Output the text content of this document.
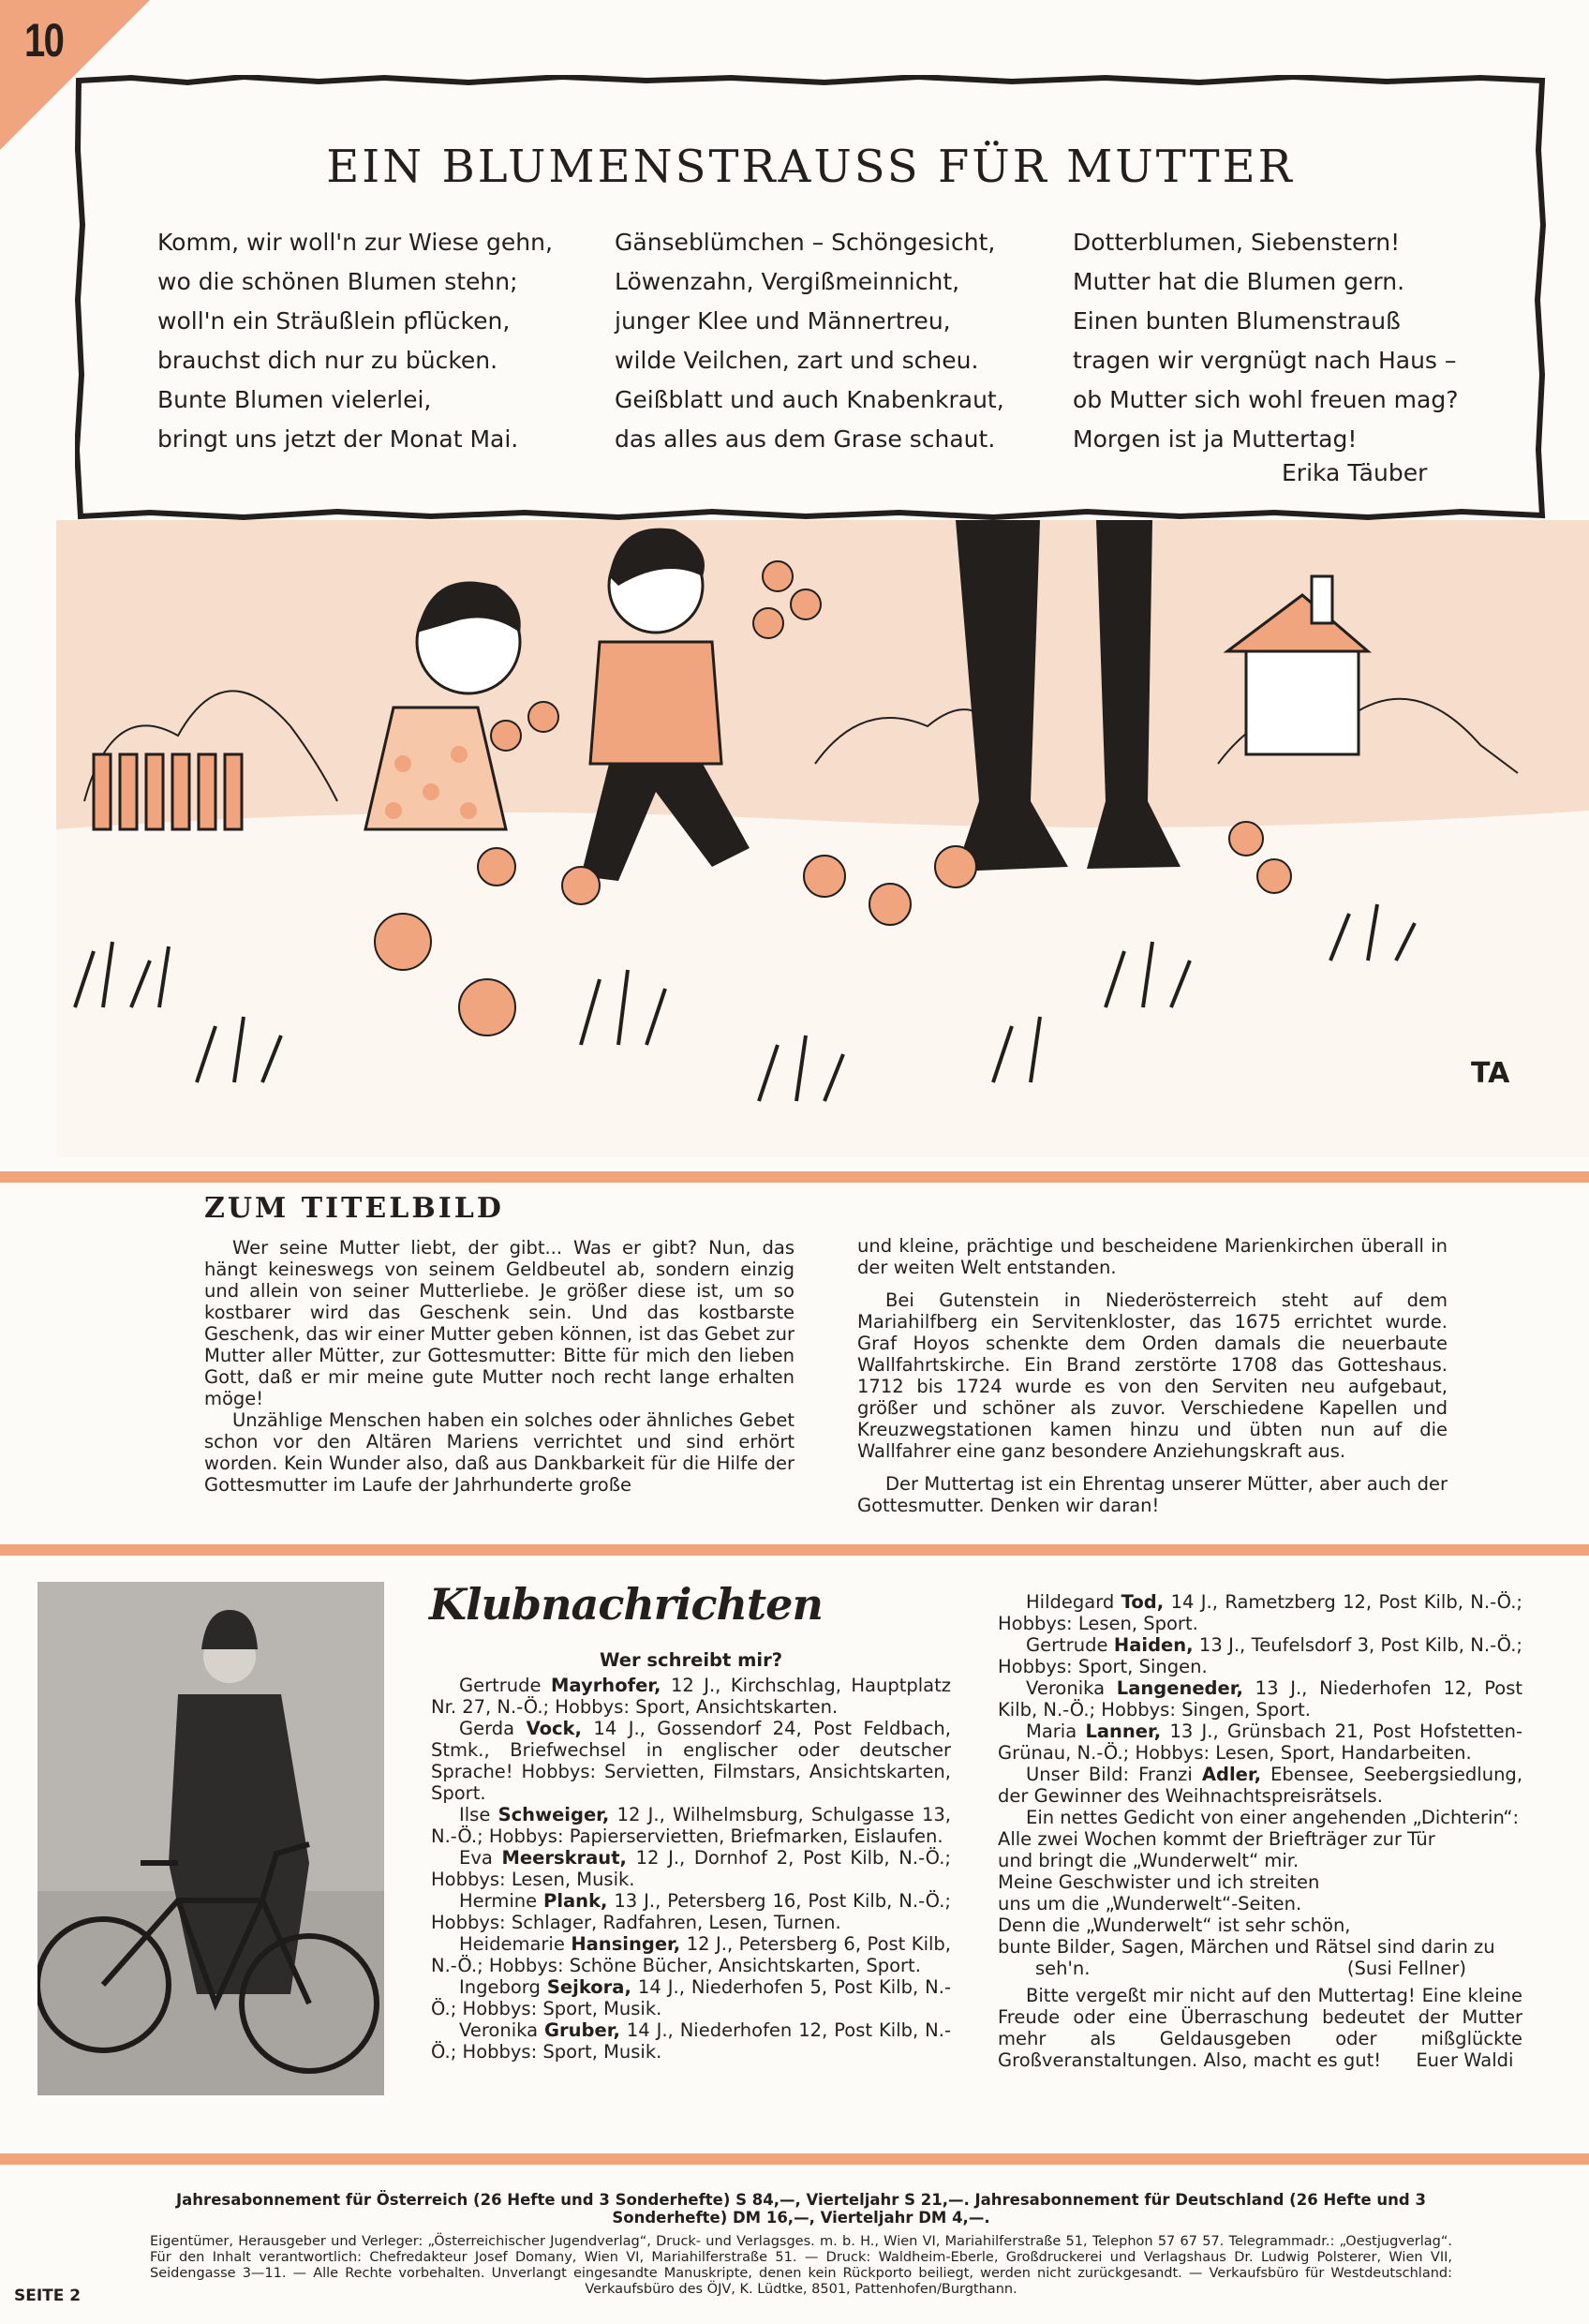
10
EIN BLUMENSTRAUSS FÜR MUTTER
Komm, wir woll'n zur Wiese gehn,
wo die schönen Blumen stehn;
woll'n ein Sträußlein pflücken,
brauchst dich nur zu bücken.
Bunte Blumen vielerlei,
bringt uns jetzt der Monat Mai.
Gänseblümchen – Schöngesicht,
Löwenzahn, Vergißmeinnicht,
junger Klee und Männertreu,
wilde Veilchen, zart und scheu.
Geißblatt und auch Knabenkraut,
das alles aus dem Grase schaut.
Dotterblumen, Siebenstern!
Mutter hat die Blumen gern.
Einen bunten Blumenstrauß
tragen wir vergnügt nach Haus –
ob Mutter sich wohl freuen mag?
Morgen ist ja Muttertag!
Erika Täuber
TA
ZUM TITELBILD

Wer seine Mutter liebt, der gibt... Was er gibt? Nun, das hängt keineswegs von seinem Geldbeutel ab, sondern einzig und allein von seiner Mutterliebe. Je größer diese ist, um so kostbarer wird das Geschenk sein. Und das kostbarste Geschenk, das wir einer Mutter geben können, ist das Gebet zur Mutter aller Mütter, zur Gottesmutter: Bitte für mich den lieben Gott, daß er mir meine gute Mutter noch recht lange erhalten möge!

Unzählige Menschen haben ein solches oder ähnliches Gebet schon vor den Altären Mariens verrichtet und sind erhört worden. Kein Wunder also, daß aus Dankbarkeit für die Hilfe der Gottesmutter im Laufe der Jahrhunderte große

und kleine, prächtige und bescheidene Marienkirchen überall in der weiten Welt entstanden.

Bei Gutenstein in Niederösterreich steht auf dem Mariahilfberg ein Servitenkloster, das 1675 errichtet wurde. Graf Hoyos schenkte dem Orden damals die neuerbaute Wallfahrtskirche. Ein Brand zerstörte 1708 das Gotteshaus. 1712 bis 1724 wurde es von den Serviten neu aufgebaut, größer und schöner als zuvor. Verschiedene Kapellen und Kreuzwegstationen kamen hinzu und übten nun auf die Wallfahrer eine ganz besondere Anziehungskraft aus.

Der Muttertag ist ein Ehrentag unserer Mütter, aber auch der Gottesmutter. Denken wir daran!

Klubnachrichten

Wer schreibt mir?

Gertrude Mayrhofer, 12 J., Kirchschlag, Hauptplatz Nr. 27, N.-Ö.; Hobbys: Sport, Ansichtskarten.

Gerda Vock, 14 J., Gossendorf 24, Post Feldbach, Stmk., Briefwechsel in englischer oder deutscher Sprache! Hobbys: Servietten, Filmstars, Ansichtskarten, Sport.

Ilse Schweiger, 12 J., Wilhelmsburg, Schulgasse 13, N.-Ö.; Hobbys: Papierservietten, Briefmarken, Eislaufen.

Eva Meerskraut, 12 J., Dornhof 2, Post Kilb, N.-Ö.; Hobbys: Lesen, Musik.

Hermine Plank, 13 J., Petersberg 16, Post Kilb, N.-Ö.; Hobbys: Schlager, Radfahren, Lesen, Turnen.

Heidemarie Hansinger, 12 J., Petersberg 6, Post Kilb, N.-Ö.; Hobbys: Schöne Bücher, Ansichtskarten, Sport.

Ingeborg Sejkora, 14 J., Niederhofen 5, Post Kilb, N.-Ö.; Hobbys: Sport, Musik.

Veronika Gruber, 14 J., Niederhofen 12, Post Kilb, N.-Ö.; Hobbys: Sport, Musik.

Hildegard Tod, 14 J., Rametzberg 12, Post Kilb, N.-Ö.; Hobbys: Lesen, Sport.

Gertrude Haiden, 13 J., Teufelsdorf 3, Post Kilb, N.-Ö.; Hobbys: Sport, Singen.

Veronika Langeneder, 13 J., Niederhofen 12, Post Kilb, N.-Ö.; Hobbys: Singen, Sport.

Maria Lanner, 13 J., Grünsbach 21, Post Hofstetten-Grünau, N.-Ö.; Hobbys: Lesen, Sport, Handarbeiten.

Unser Bild: Franzi Adler, Ebensee, Seebergsiedlung, der Gewinner des Weihnachtspreisrätsels.

Ein nettes Gedicht von einer angehenden „Dichterin“:

Alle zwei Wochen kommt der Briefträger zur Tür

und bringt die „Wunderwelt“ mir.

Meine Geschwister und ich streiten

uns um die „Wunderwelt“-Seiten.

Denn die „Wunderwelt“ ist sehr schön,

bunte Bilder, Sagen, Märchen und Rätsel sind darin zu

seh'n.	(Susi Fellner)

Bitte vergeßt mir nicht auf den Muttertag! Eine kleine Freude oder eine Überraschung bedeutet der Mutter mehr als Geldausgeben oder mißglückte Großveranstaltungen. Also, macht es gut! Euer Waldi

Jahresabonnement für Österreich (26 Hefte und 3 Sonderhefte) S 84,—, Vierteljahr S 21,—. Jahresabonnement für Deutschland (26 Hefte und 3 Sonderhefte) DM 16,—, Vierteljahr DM 4,—.
Eigentümer, Herausgeber und Verleger: „Österreichischer Jugendverlag“, Druck- und Verlagsges. m. b. H., Wien VI, Mariahilferstraße 51, Telephon 57 67 57. Telegrammadr.: „Oestjugverlag“. Für den Inhalt verantwortlich: Chefredakteur Josef Domany, Wien VI, Mariahilferstraße 51. — Druck: Waldheim-Eberle, Großdruckerei und Verlagshaus Dr. Ludwig Polsterer, Wien VII, Seidengasse 3—11. — Alle Rechte vorbehalten. Unverlangt eingesandte Manuskripte, denen kein Rückporto beiliegt, werden nicht zurückgesandt. — Verkaufsbüro für Westdeutschland: Verkaufsbüro des ÖJV, K. Lüdtke, 8501, Pattenhofen/Burgthann.
SEITE 2
